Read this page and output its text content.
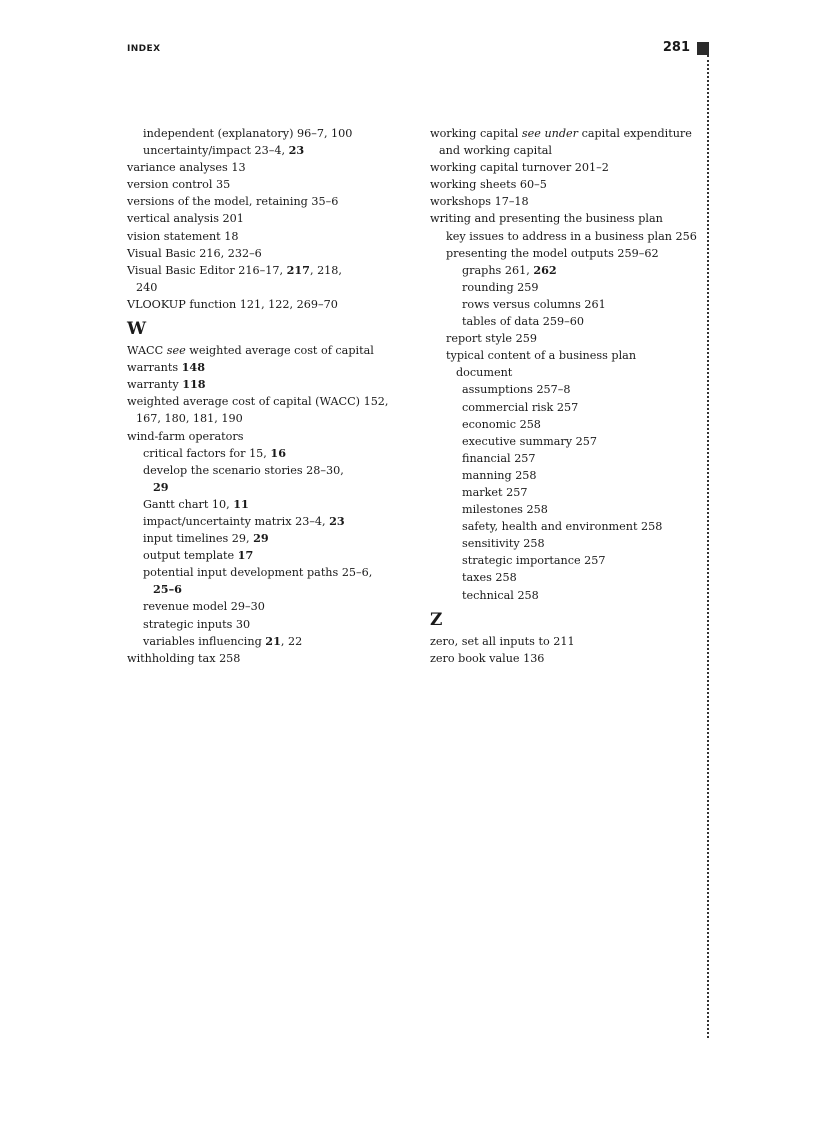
INDEX	281
independent (explanatory) 96–7, 100
uncertainty/impact 23–4, 23
variance analyses 13
version control 35
versions of the model, retaining 35–6
vertical analysis 201
vision statement 18
Visual Basic 216, 232–6
Visual Basic Editor 216–17, 217, 218,
240
VLOOKUP function 121, 122, 269–70
W
WACC see weighted average cost of capital
warrants 148
warranty 118
weighted average cost of capital (WACC) 152,
167, 180, 181, 190
wind-farm operators
critical factors for 15, 16
develop the scenario stories 28–30,
29
Gantt chart 10, 11
impact/uncertainty matrix 23–4, 23
input timelines 29, 29
output template 17
potential input development paths 25–6,
25–6
revenue model 29–30
strategic inputs 30
variables influencing 21, 22
withholding tax 258
working capital see under capital expenditure
and working capital
working capital turnover 201–2
working sheets 60–5
workshops 17–18
writing and presenting the business plan
key issues to address in a business plan 256
presenting the model outputs 259–62
graphs 261, 262
rounding 259
rows versus columns 261
tables of data 259–60
report style 259
typical content of a business plan
document
assumptions 257–8
commercial risk 257
economic 258
executive summary 257
financial 257
manning 258
market 257
milestones 258
safety, health and environment 258
sensitivity 258
strategic importance 257
taxes 258
technical 258
Z
zero, set all inputs to 211
zero book value 136
